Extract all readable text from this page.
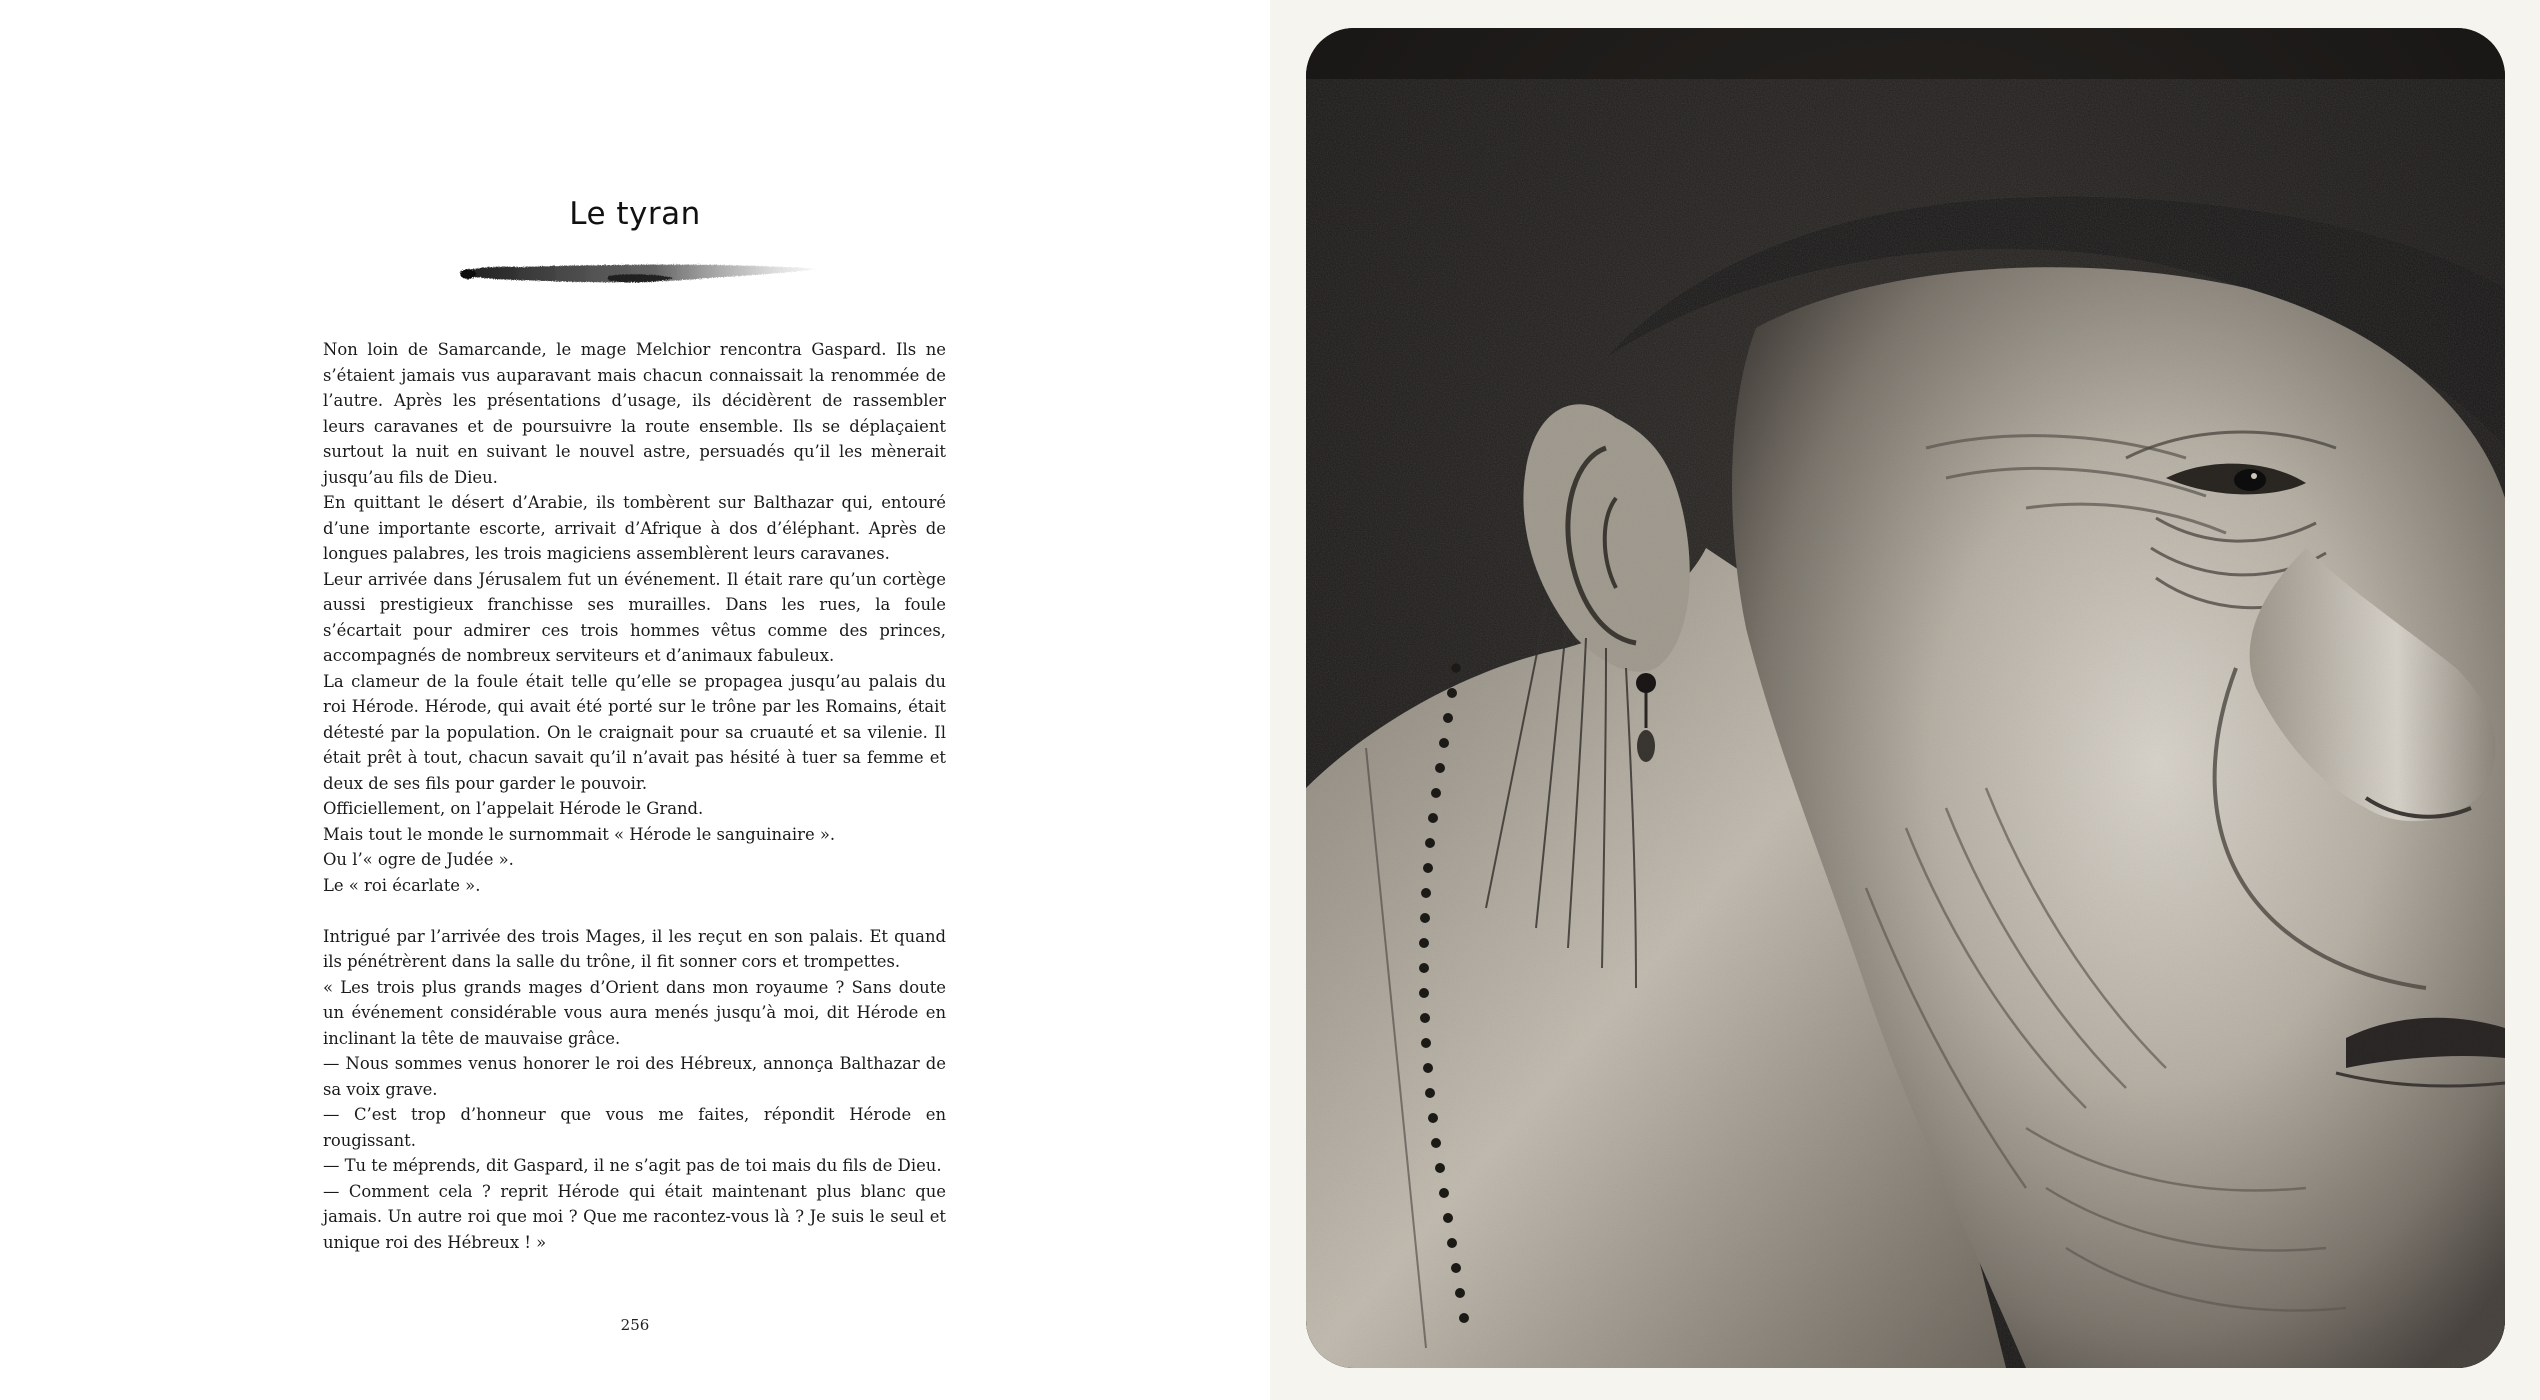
Le tyran

Non loin de Samarcande, le mage Melchior rencontra Gaspard. Ils ne s’étaient jamais vus auparavant mais chacun connaissait la renommée de l’autre. Après les présentations d’usage, ils décidèrent de rassembler leurs caravanes et de poursuivre la route ensemble. Ils se déplaçaient surtout la nuit en suivant le nouvel astre, persuadés qu’il les mènerait jusqu’au fils de Dieu.

En quittant le désert d’Arabie, ils tombèrent sur Balthazar qui, entouré d’une importante escorte, arrivait d’Afrique à dos d’éléphant. Après de longues palabres, les trois magiciens assemblèrent leurs caravanes.

Leur arrivée dans Jérusalem fut un événement. Il était rare qu’un cortège aussi prestigieux franchisse ses murailles. Dans les rues, la foule s’écartait pour admirer ces trois hommes vêtus comme des princes, accompagnés de nombreux serviteurs et d’animaux fabuleux.

La clameur de la foule était telle qu’elle se propagea jusqu’au palais du roi Hérode. Hérode, qui avait été porté sur le trône par les Romains, était détesté par la population. On le craignait pour sa cruauté et sa vilenie. Il était prêt à tout, chacun savait qu’il n’avait pas hésité à tuer sa femme et deux de ses fils pour garder le pouvoir.

Officiellement, on l’appelait Hérode le Grand.

Mais tout le monde le surnommait « Hérode le sanguinaire ».

Ou l’« ogre de Judée ».

Le « roi écarlate ».

Intrigué par l’arrivée des trois Mages, il les reçut en son palais. Et quand ils pénétrèrent dans la salle du trône, il fit sonner cors et trompettes.

« Les trois plus grands mages d’Orient dans mon royaume ? Sans doute un événement considérable vous aura menés jusqu’à moi, dit Hérode en inclinant la tête de mauvaise grâce.

— Nous sommes venus honorer le roi des Hébreux, annonça Balthazar de sa voix grave.

— C’est trop d’honneur que vous me faites, répondit Hérode en rougissant.

— Tu te méprends, dit Gaspard, il ne s’agit pas de toi mais du fils de Dieu.

— Comment cela ? reprit Hérode qui était maintenant plus blanc que jamais. Un autre roi que moi ? Que me racontez-vous là ? Je suis le seul et unique roi des Hébreux ! »

256
